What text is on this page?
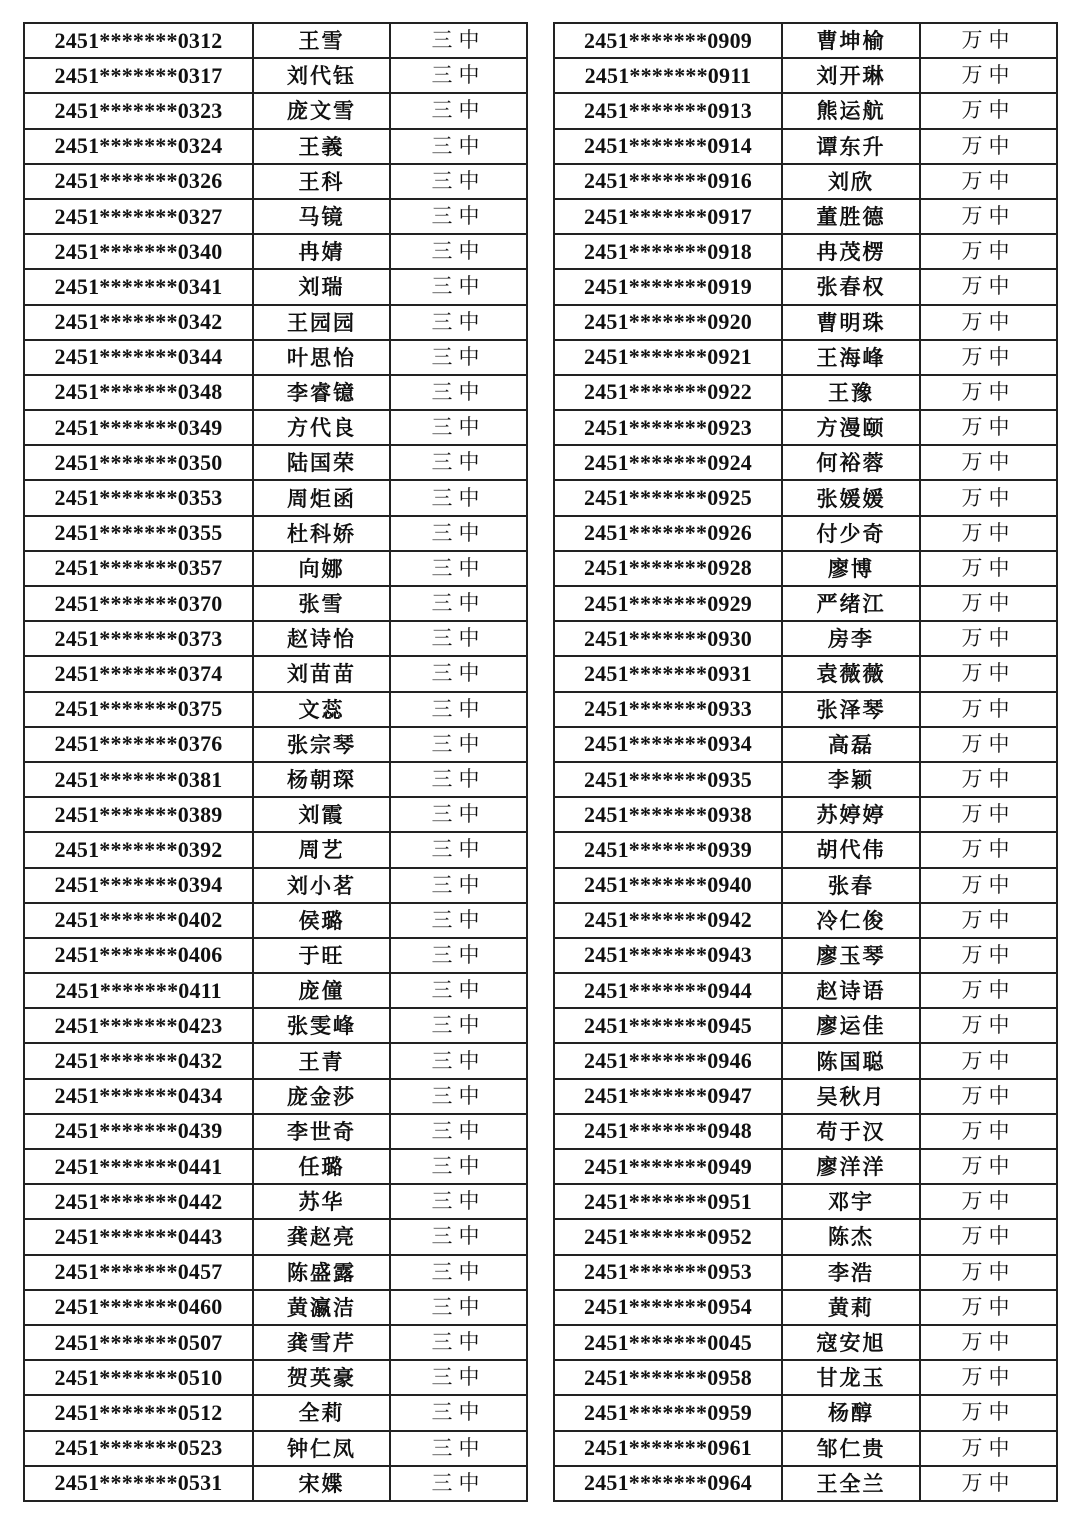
2451*******0312	王雪	三中
2451*******0317	刘代钰	三中
2451*******0323	庞文雪	三中
2451*******0324	王義	三中
2451*******0326	王科	三中
2451*******0327	马镜	三中
2451*******0340	冉婧	三中
2451*******0341	刘瑞	三中
2451*******0342	王园园	三中
2451*******0344	叶思怡	三中
2451*******0348	李睿镱	三中
2451*******0349	方代良	三中
2451*******0350	陆国荣	三中
2451*******0353	周炬函	三中
2451*******0355	杜科娇	三中
2451*******0357	向娜	三中
2451*******0370	张雪	三中
2451*******0373	赵诗怡	三中
2451*******0374	刘苗苗	三中
2451*******0375	文蕊	三中
2451*******0376	张宗琴	三中
2451*******0381	杨朝琛	三中
2451*******0389	刘霞	三中
2451*******0392	周艺	三中
2451*******0394	刘小茗	三中
2451*******0402	侯璐	三中
2451*******0406	于旺	三中
2451*******0411	庞僮	三中
2451*******0423	张雯峰	三中
2451*******0432	王青	三中
2451*******0434	庞金莎	三中
2451*******0439	李世奇	三中
2451*******0441	任璐	三中
2451*******0442	苏华	三中
2451*******0443	龚赵亮	三中
2451*******0457	陈盛露	三中
2451*******0460	黄瀛洁	三中
2451*******0507	龚雪芹	三中
2451*******0510	贺英豪	三中
2451*******0512	全莉	三中
2451*******0523	钟仁凤	三中
2451*******0531	宋媟	三中
2451*******0909	曹坤榆	万中
2451*******0911	刘开琳	万中
2451*******0913	熊运航	万中
2451*******0914	谭东升	万中
2451*******0916	刘欣	万中
2451*******0917	董胜德	万中
2451*******0918	冉茂楞	万中
2451*******0919	张春权	万中
2451*******0920	曹明珠	万中
2451*******0921	王海峰	万中
2451*******0922	王豫	万中
2451*******0923	方漫颐	万中
2451*******0924	何裕蓉	万中
2451*******0925	张媛媛	万中
2451*******0926	付少奇	万中
2451*******0928	廖博	万中
2451*******0929	严绪江	万中
2451*******0930	房李	万中
2451*******0931	袁薇薇	万中
2451*******0933	张泽琴	万中
2451*******0934	高磊	万中
2451*******0935	李颖	万中
2451*******0938	苏婷婷	万中
2451*******0939	胡代伟	万中
2451*******0940	张春	万中
2451*******0942	冷仁俊	万中
2451*******0943	廖玉琴	万中
2451*******0944	赵诗语	万中
2451*******0945	廖运佳	万中
2451*******0946	陈国聪	万中
2451*******0947	吴秋月	万中
2451*******0948	苟于汉	万中
2451*******0949	廖洋洋	万中
2451*******0951	邓宇	万中
2451*******0952	陈杰	万中
2451*******0953	李浩	万中
2451*******0954	黄莉	万中
2451*******0045	寇安旭	万中
2451*******0958	甘龙玉	万中
2451*******0959	杨醇	万中
2451*******0961	邹仁贵	万中
2451*******0964	王全兰	万中
